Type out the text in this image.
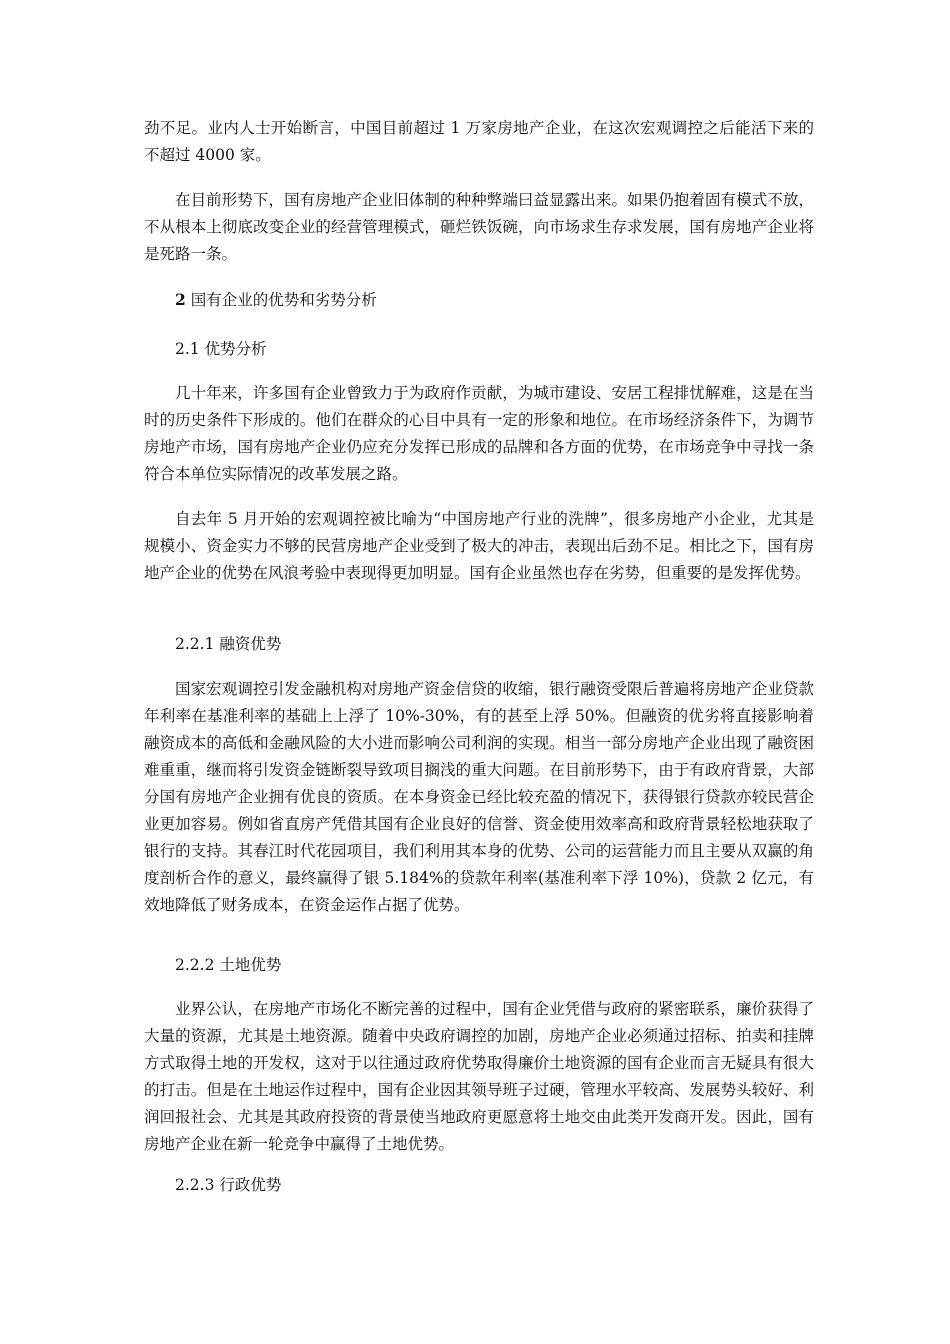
劲不足。业内人士开始断言，中国目前超过 1 万家房地产企业，在这次宏观调控之后能活下来的不超过 4000 家。

在目前形势下，国有房地产企业旧体制的种种弊端曰益显露出来。如果仍抱着固有模式不放，不从根本上彻底改变企业的经营管理模式，砸烂铁饭碗，向市场求生存求发展，国有房地产企业将是死路一条。

2 国有企业的优势和劣势分析
2.1 优势分析

几十年来，许多国有企业曾致力于为政府作贡献，为城市建设、安居工程排忧解难，这是在当时的历史条件下形成的。他们在群众的心目中具有一定的形象和地位。在市场经济条件下，为调节房地产市场，国有房地产企业仍应充分发挥已形成的品牌和各方面的优势，在市场竞争中寻找一条符合本单位实际情况的改革发展之路。

自去年 5 月开始的宏观调控被比喻为“中国房地产行业的洗牌”，很多房地产小企业，尤其是规模小、资金实力不够的民营房地产企业受到了极大的冲击，表现出后劲不足。相比之下，国有房地产企业的优势在风浪考验中表现得更加明显。国有企业虽然也存在劣势，但重要的是发挥优势。

2.2.1 融资优势

国家宏观调控引发金融机构对房地产资金信贷的收缩，银行融资受限后普遍将房地产企业贷款年利率在基准利率的基础上上浮了 10%-30%，有的甚至上浮 50%。但融资的优劣将直接影响着融资成本的高低和金融风险的大小进而影响公司利润的实现。相当一部分房地产企业出现了融资困难重重，继而将引发资金链断裂导致项目搁浅的重大问题。在目前形势下，由于有政府背景，大部分国有房地产企业拥有优良的资质。在本身资金已经比较充盈的情况下，获得银行贷款亦较民营企业更加容易。例如省直房产凭借其国有企业良好的信誉、资金使用效率高和政府背景轻松地获取了银行的支持。其春江时代花园项目，我们利用其本身的优势、公司的运营能力而且主要从双赢的角度剖析合作的意义，最终赢得了银 5.184%的贷款年利率(基准利率下浮 10%)，贷款 2 亿元，有效地降低了财务成本，在资金运作占据了优势。

2.2.2 土地优势

业界公认，在房地产市场化不断完善的过程中，国有企业凭借与政府的紧密联系，廉价获得了大量的资源，尤其是土地资源。随着中央政府调控的加剧，房地产企业必须通过招标、拍卖和挂牌方式取得土地的开发权，这对于以往通过政府优势取得廉价土地资源的国有企业而言无疑具有很大的打击。但是在土地运作过程中，国有企业因其领导班子过硬，管理水平较高、发展势头较好、利润回报社会、尤其是其政府投资的背景使当地政府更愿意将土地交由此类开发商开发。因此，国有房地产企业在新一轮竞争中赢得了土地优势。

2.2.3 行政优势
